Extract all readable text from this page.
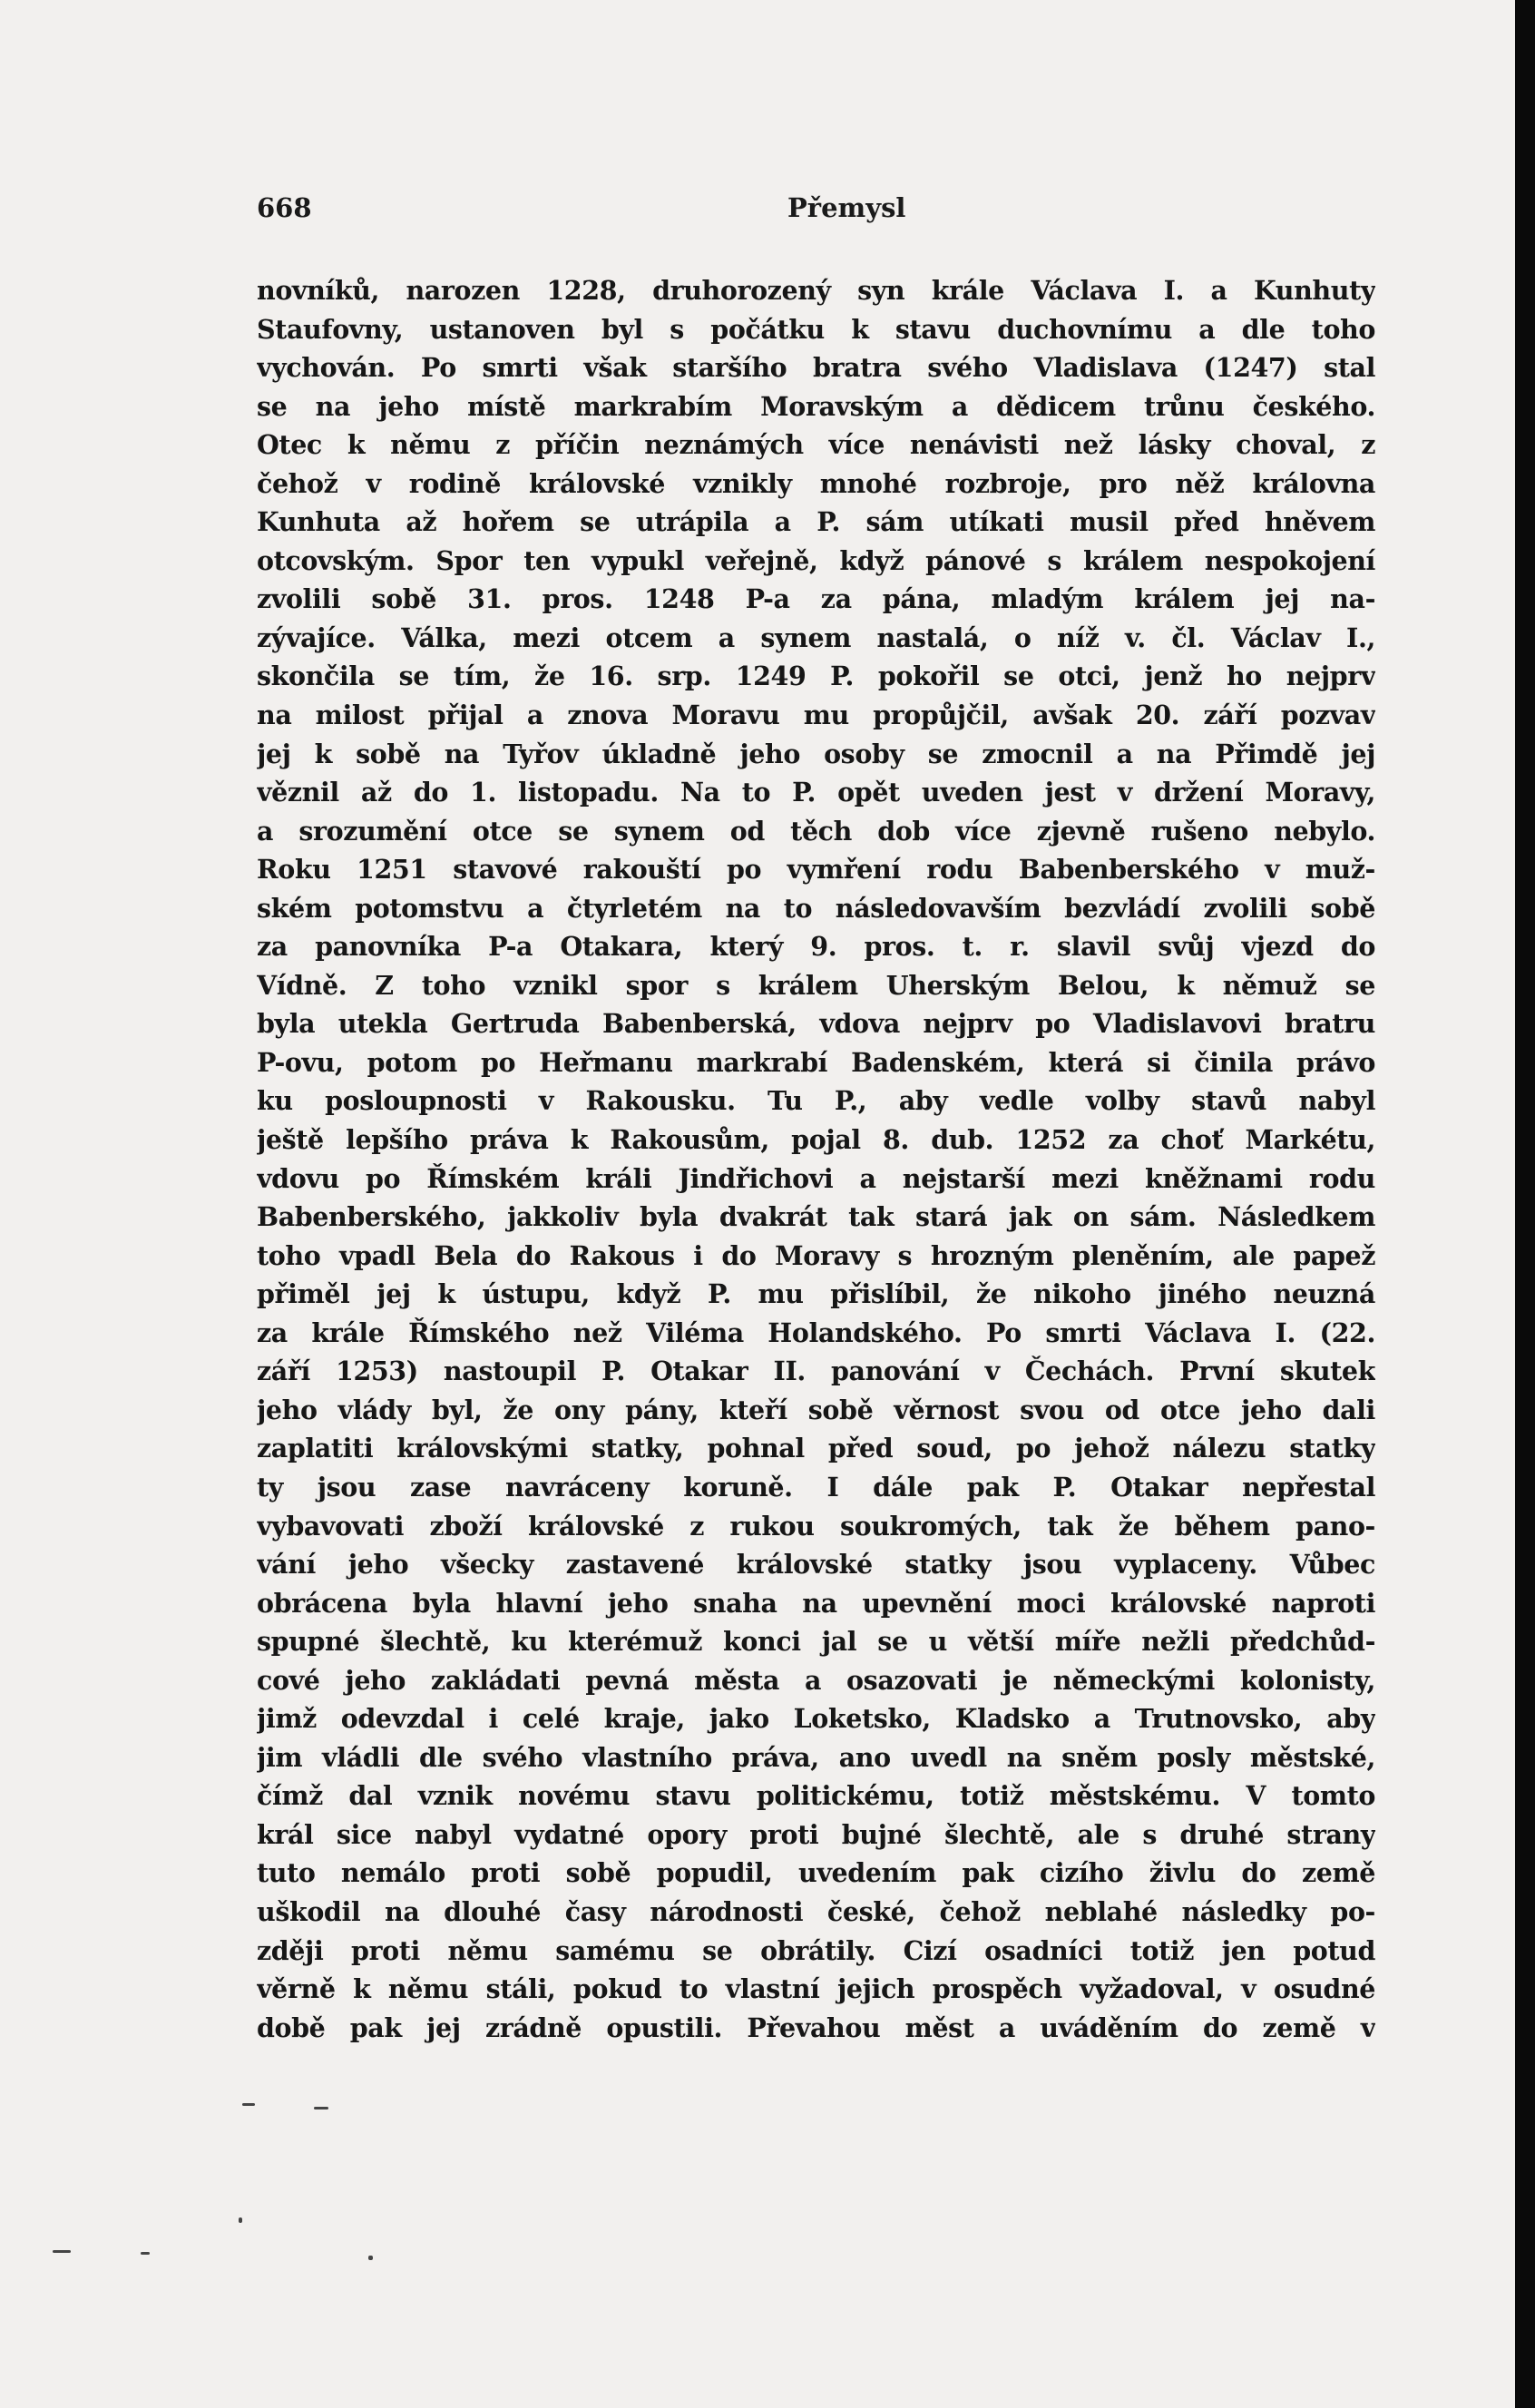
668	Přemysl
novníků, narozen 1228, druhorozený syn krále Václava I. a Kunhuty
Staufovny, ustanoven byl s počátku k stavu duchovnímu a dle toho
vychován. Po smrti však staršího bratra svého Vladislava (1247) stal
se na jeho místě markrabím Moravským a dědicem trůnu českého.
Otec k němu z příčin neznámých více nenávisti než lásky choval, z
čehož v rodině královské vznikly mnohé rozbroje, pro něž královna
Kunhuta až hořem se utrápila a P. sám utíkati musil před hněvem
otcovským. Spor ten vypukl veřejně, když pánové s králem nespokojení
zvolili sobě 31. pros. 1248 P-a za pána, mladým králem jej na-
zývajíce. Válka, mezi otcem a synem nastalá, o níž v. čl. Václav I.,
skončila se tím, že 16. srp. 1249 P. pokořil se otci, jenž ho nejprv
na milost přijal a znova Moravu mu propůjčil, avšak 20. září pozvav
jej k sobě na Tyřov úkladně jeho osoby se zmocnil a na Přimdě jej
věznil až do 1. listopadu. Na to P. opět uveden jest v držení Moravy,
a srozumění otce se synem od těch dob více zjevně rušeno nebylo.
Roku 1251 stavové rakouští po vymření rodu Babenberského v muž-
ském potomstvu a čtyrletém na to následovavším bezvládí zvolili sobě
za panovníka P-a Otakara, který 9. pros. t. r. slavil svůj vjezd do
Vídně. Z toho vznikl spor s králem Uherským Belou, k němuž se
byla utekla Gertruda Babenberská, vdova nejprv po Vladislavovi bratru
P-ovu, potom po Heřmanu markrabí Badenském, která si činila právo
ku posloupnosti v Rakousku. Tu P., aby vedle volby stavů nabyl
ještě lepšího práva k Rakousům, pojal 8. dub. 1252 za choť Markétu,
vdovu po Římském králi Jindřichovi a nejstarší mezi kněžnami rodu
Babenberského, jakkoliv byla dvakrát tak stará jak on sám. Následkem
toho vpadl Bela do Rakous i do Moravy s hrozným pleněním, ale papež
přiměl jej k ústupu, když P. mu přislíbil, že nikoho jiného neuzná
za krále Římského než Viléma Holandského. Po smrti Václava I. (22.
září 1253) nastoupil P. Otakar II. panování v Čechách. První skutek
jeho vlády byl, že ony pány, kteří sobě věrnost svou od otce jeho dali
zaplatiti královskými statky, pohnal před soud, po jehož nálezu statky
ty jsou zase navráceny koruně. I dále pak P. Otakar nepřestal
vybavovati zboží královské z rukou soukromých, tak že během pano-
vání jeho všecky zastavené královské statky jsou vyplaceny. Vůbec
obrácena byla hlavní jeho snaha na upevnění moci královské naproti
spupné šlechtě, ku kterémuž konci jal se u větší míře nežli předchůd-
cové jeho zakládati pevná města a osazovati je německými kolonisty,
jimž odevzdal i celé kraje, jako Loketsko, Kladsko a Trutnovsko, aby
jim vládli dle svého vlastního práva, ano uvedl na sněm posly městské,
čímž dal vznik novému stavu politickému, totiž městskému. V tomto
král sice nabyl vydatné opory proti bujné šlechtě, ale s druhé strany
tuto nemálo proti sobě popudil, uvedením pak cizího živlu do země
uškodil na dlouhé časy národnosti české, čehož neblahé následky po-
zději proti němu samému se obrátily. Cizí osadníci totiž jen potud
věrně k němu stáli, pokud to vlastní jejich prospěch vyžadoval, v osudné
době pak jej zrádně opustili. Převahou měst a uváděním do země v
